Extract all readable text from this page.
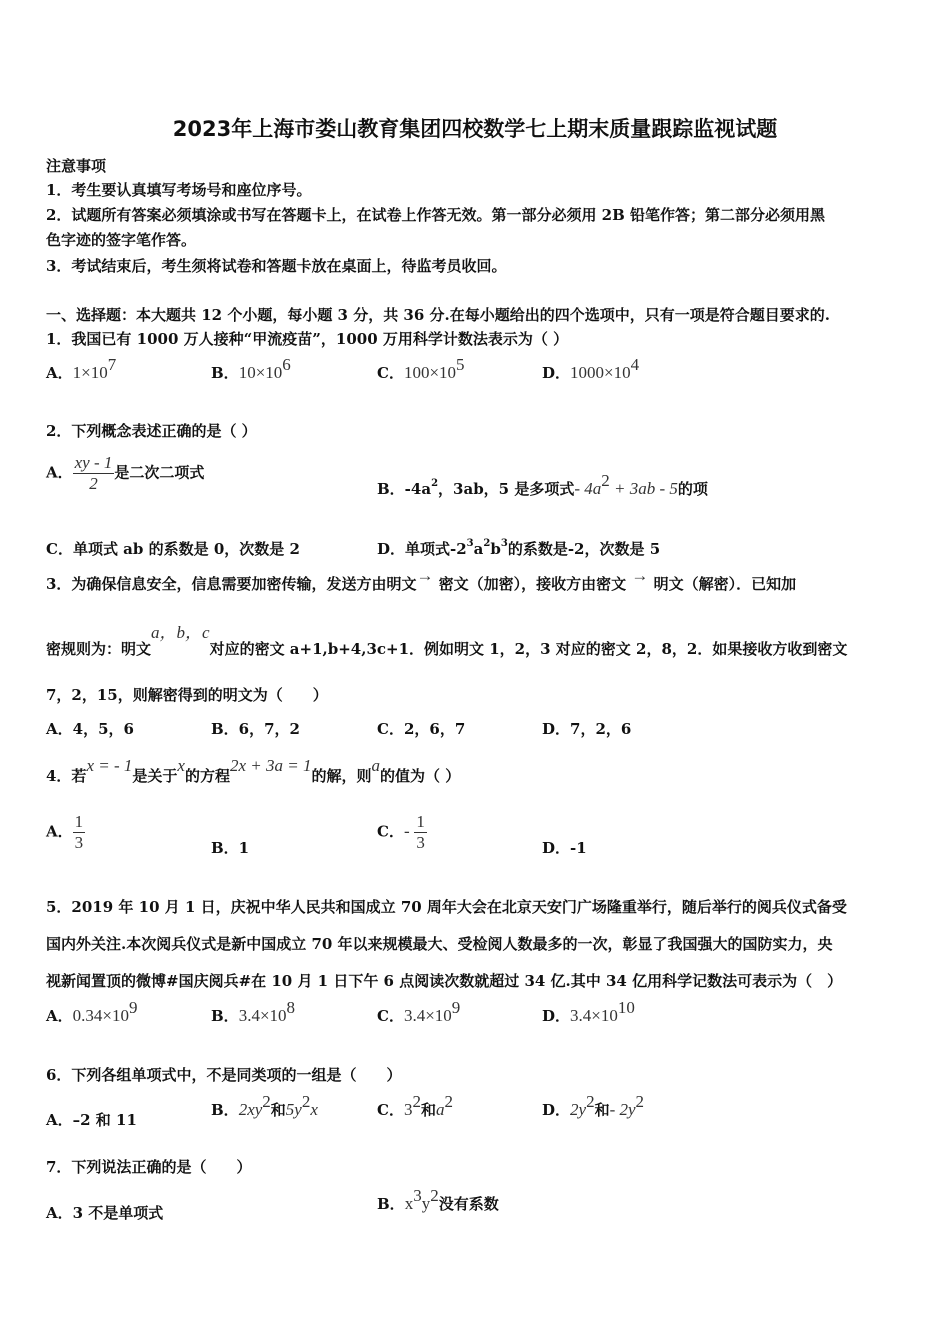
2023年上海市娄山教育集团四校数学七上期末质量跟踪监视试题
注意事项
1．考生要认真填写考场号和座位序号。
2．试题所有答案必须填涂或书写在答题卡上，在试卷上作答无效。第一部分必须用 2B 铅笔作答；第二部分必须用黑
色字迹的签字笔作答。
3．考试结束后，考生须将试卷和答题卡放在桌面上，待监考员收回。
一、选择题：本大题共 12 个小题，每小题 3 分，共 36 分.在每小题给出的四个选项中，只有一项是符合题目要求的.
1．我国已有 1000 万人接种“甲流疫苗”，1000 万用科学计数法表示为（ ）
A．$1\times 10^7$	B．$10\times 10^6$	C．$100\times 10^5$	D．$1000\times 10^4$
2．下列概念表述正确的是（ ）
A． $\frac{xy - 1}{2}$ 是二次二项式
B．$-4a^2$，3ab，5 是多项式- $4a^2 + 3ab - 5$的项
C．单项式 ab 的系数是 0，次数是 2	D．单项式$-2^3a^2b^3$的系数是-2，次数是 5
3．为确保信息安全，信息需要加密传输，发送方由明文→ 密文（加密），接收方由密文 → 明文（解密）．已知加
密规则为：明文a，b，c对应的密文 a+1,b+4,3c+1．例如明文 1，2，3 对应的密文 2，8，2．如果接收方收到密文
7，2，15，则解密得到的明文为（　　）
A．4，5，6	B．6，7，2	C．2，6，7	D．7，2，6
4．若x = - 1是关于x的方程2x + 3a = 1的解，则a的值为（ ）
A． $\frac{1}{3}$	B．1
C．- $\frac{1}{3}$	D．-1
5．2019 年 10 月 1 日，庆祝中华人民共和国成立 70 周年大会在北京天安门广场隆重举行，随后举行的阅兵仪式备受
国内外关注.本次阅兵仪式是新中国成立 70 年以来规模最大、受检阅人数最多的一次，彰显了我国强大的国防实力，央
视新闻置顶的微博#国庆阅兵#在 10 月 1 日下午 6 点阅读次数就超过 34 亿.其中 34 亿用科学记数法可表示为（　）
A．$0.34\times 10^9$	B．$3.4\times 10^8$	C．$3.4\times 10^9$	D．$3.4\times 10^{10}$
6．下列各组单项式中，不是同类项的一组是（　　）
A．–2 和 11
B．$2xy^2$和$5y^2x$	C．$3^2$和$a^2$	D．$2y^2$和- $2y^2$
7．下列说法正确的是（　　）
A．3 不是单项式	B．$x^3y^2$没有系数
